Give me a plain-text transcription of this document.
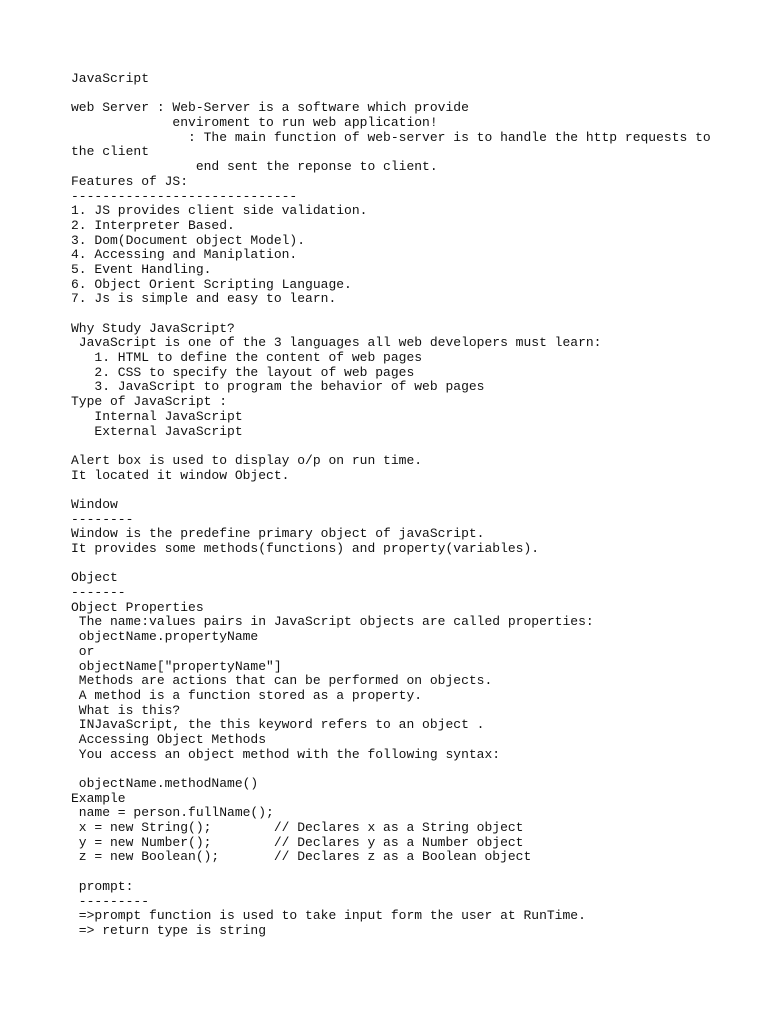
JavaScript
web Server : Web-Server is a software which provide
enviroment to run web application!
: The main function of web-server is to handle the http requests to
the client
end sent the reponse to client.
Features of JS:
-----------------------------
1. JS provides client side validation.
2. Interpreter Based.
3. Dom(Document object Model).
4. Accessing and Maniplation.
5. Event Handling.
6. Object Orient Scripting Language.
7. Js is simple and easy to learn.
Why Study JavaScript?
JavaScript is one of the 3 languages all web developers must learn:
1. HTML to define the content of web pages
2. CSS to specify the layout of web pages
3. JavaScript to program the behavior of web pages
Type of JavaScript :
Internal JavaScript
External JavaScript
Alert box is used to display o/p on run time.
It located it window Object.
Window
--------
Window is the predefine primary object of javaScript.
It provides some methods(functions) and property(variables).
Object
-------
Object Properties
The name:values pairs in JavaScript objects are called properties:
objectName.propertyName
or
objectName["propertyName"]
Methods are actions that can be performed on objects.
A method is a function stored as a property.
What is this?
INJavaScript, the this keyword refers to an object .
Accessing Object Methods
You access an object method with the following syntax:
objectName.methodName()
Example
name = person.fullName();
x = new String();        // Declares x as a String object
y = new Number();        // Declares y as a Number object
z = new Boolean();       // Declares z as a Boolean object
prompt:
---------
=>prompt function is used to take input form the user at RunTime.
=> return type is string
